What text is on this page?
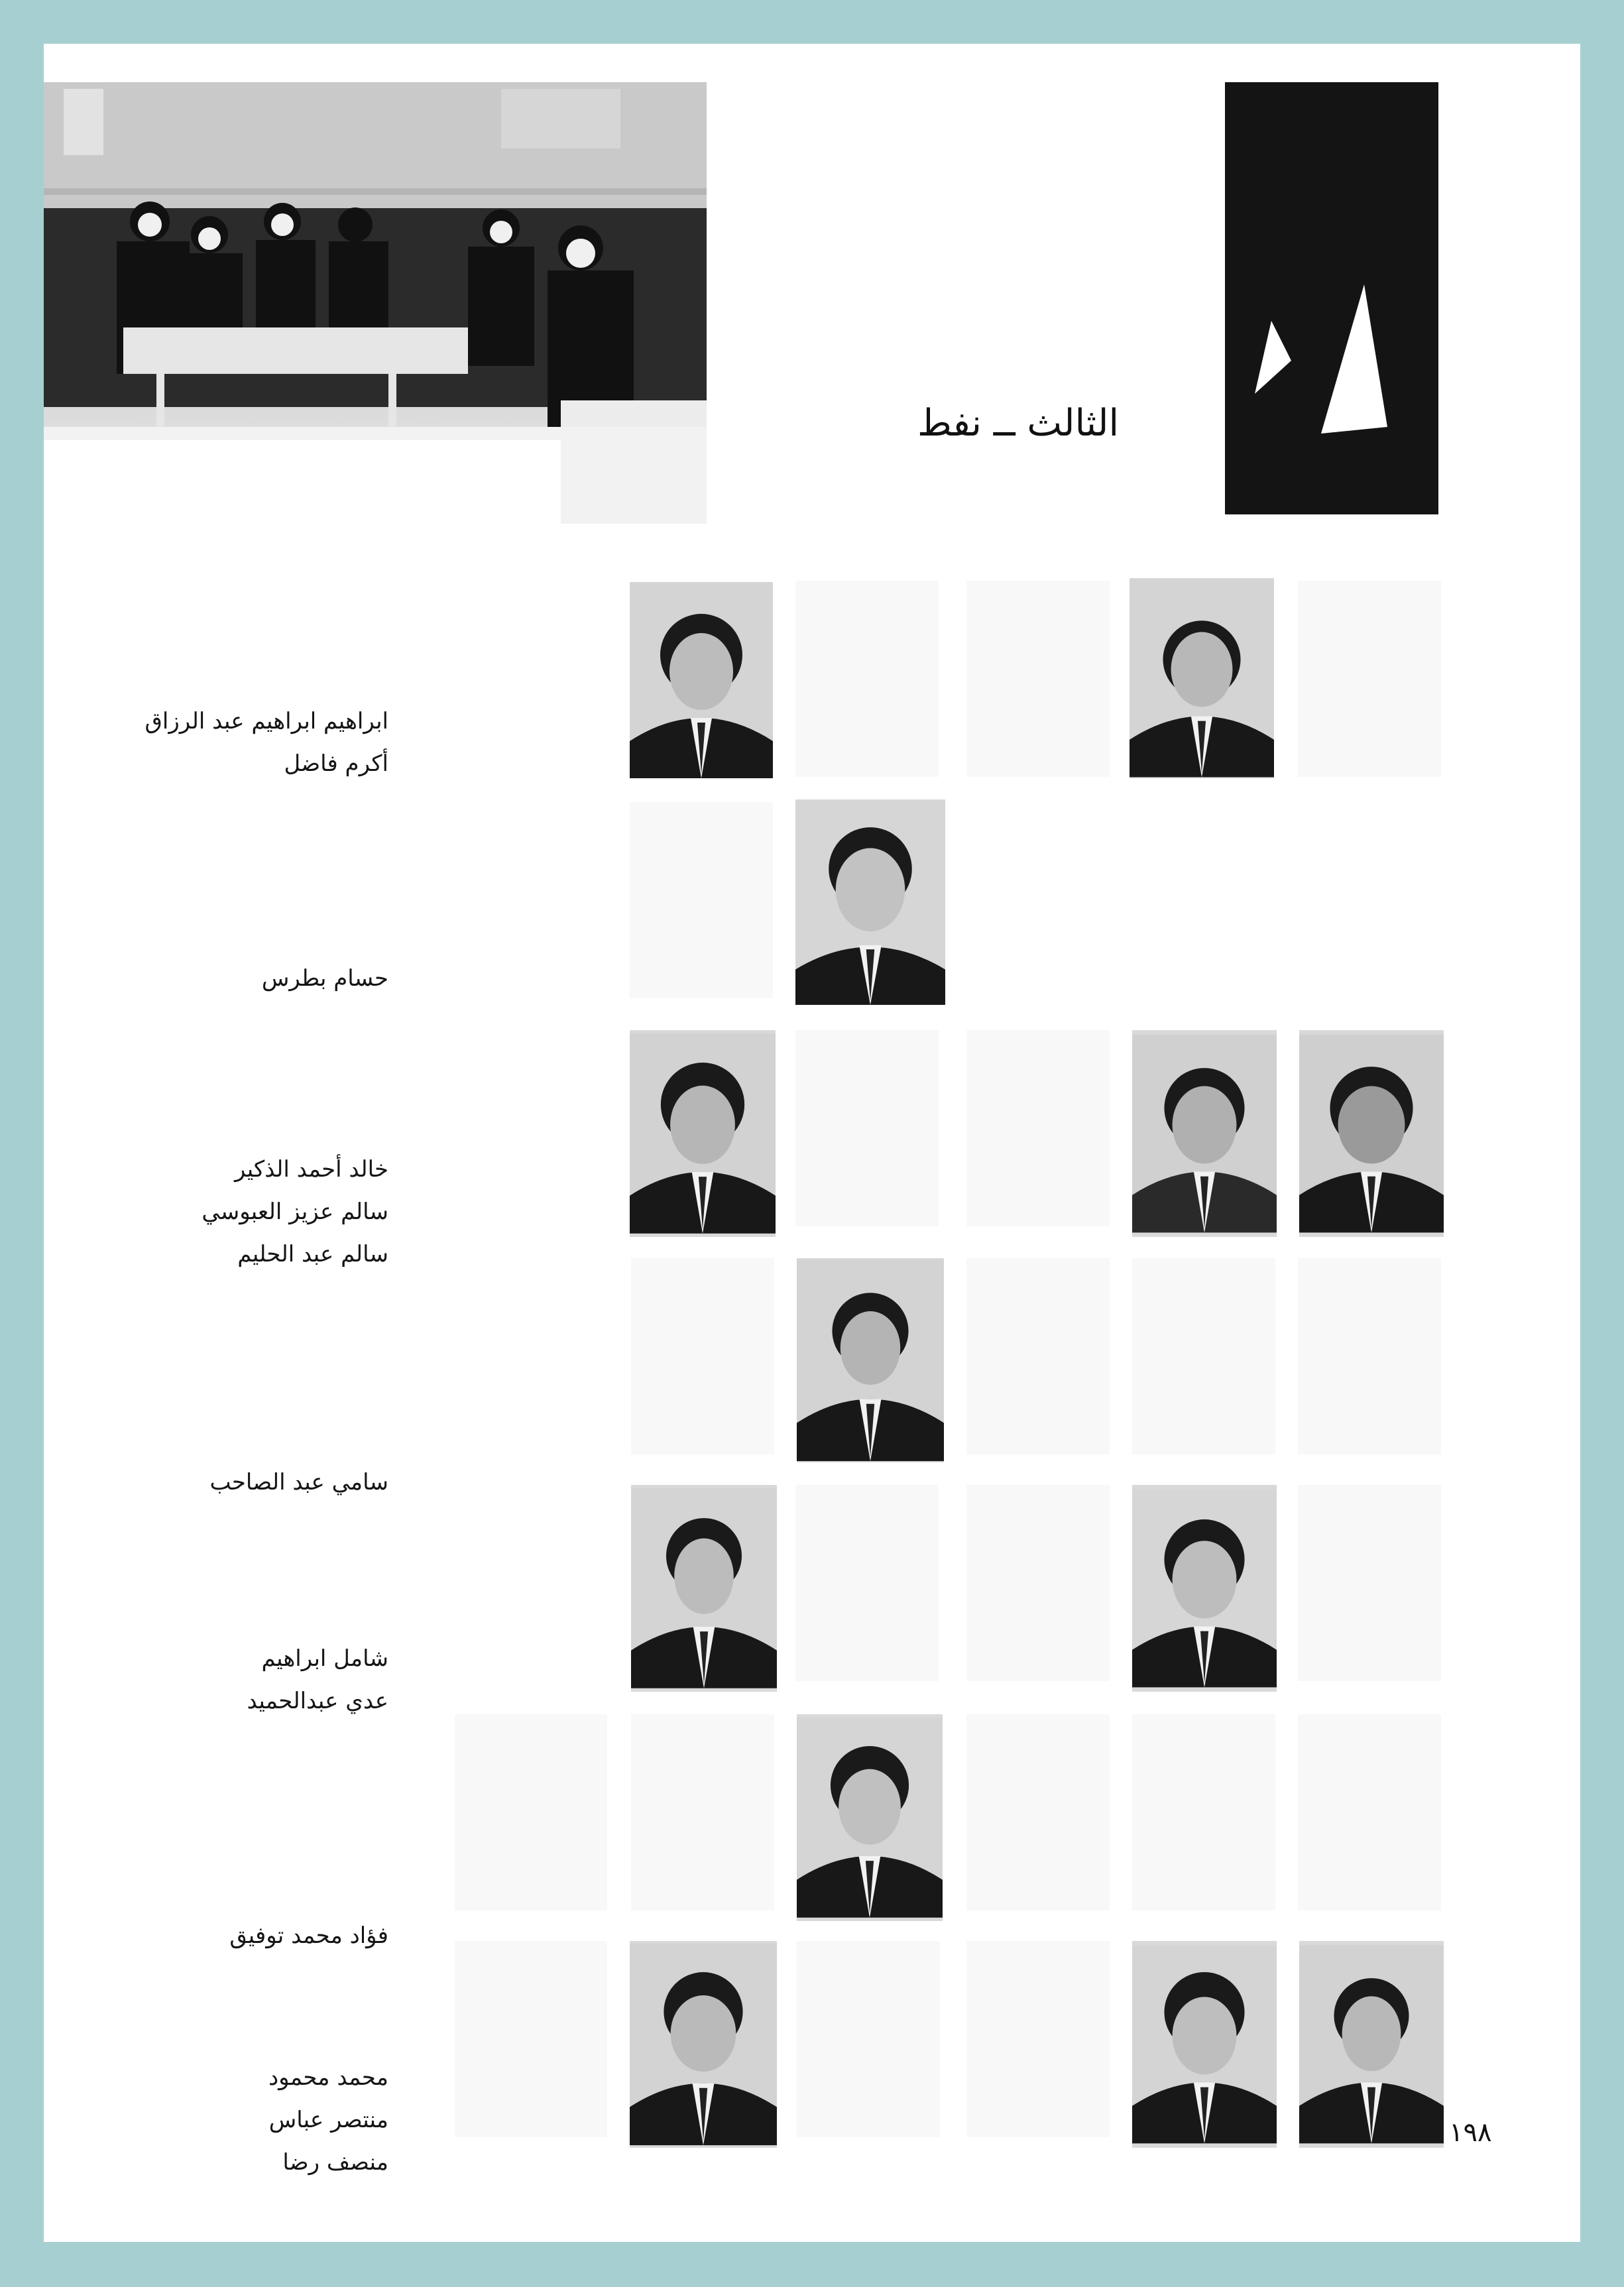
الثالث ــ نفط
ابراهيم ابراهيم عبد الرزاق
أكرم فاضل
حسام بطرس
خالد أحمد الذكير
سالم عزيز العبوسي
سالم عبد الحليم
سامي عبد الصاحب
شامل ابراهيم
عدي عبدالحميد
فؤاد محمد توفيق
محمد محمود
منتصر عباس
منصف رضا
١٩٨
